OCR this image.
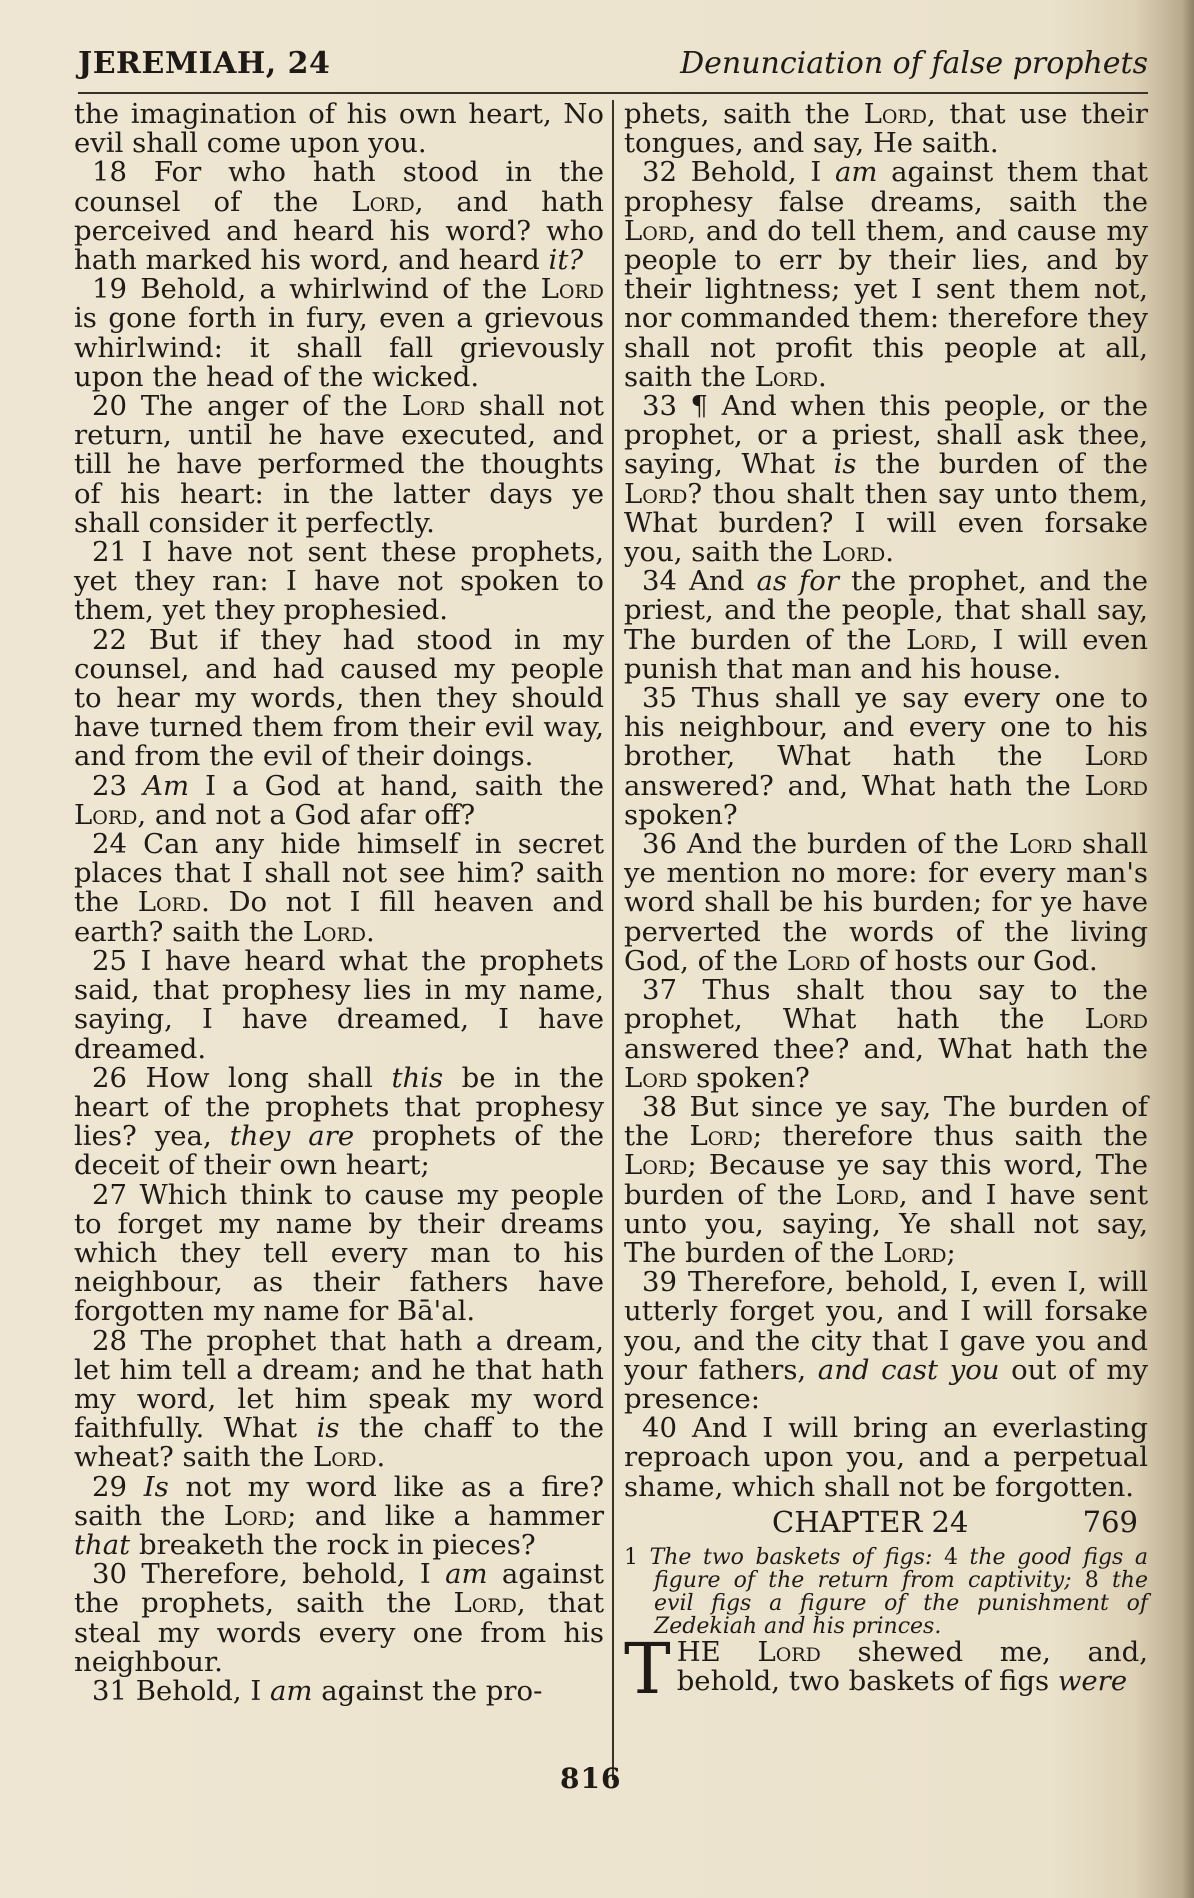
JEREMIAH, 24	Denunciation of false prophets

the imagination of his own heart, No evil shall come upon you.

18 For who hath stood in the counsel of the Lord, and hath perceived and heard his word? who hath marked his word, and heard it?

19 Behold, a whirlwind of the Lord is gone forth in fury, even a grievous whirlwind: it shall fall grievously upon the head of the wicked.

20 The anger of the Lord shall not return, until he have executed, and till he have performed the thoughts of his heart: in the latter days ye shall consider it perfectly.

21 I have not sent these prophets, yet they ran: I have not spoken to them, yet they prophesied.

22 But if they had stood in my counsel, and had caused my people to hear my words, then they should have turned them from their evil way, and from the evil of their doings.

23 Am I a God at hand, saith the Lord, and not a God afar off?

24 Can any hide himself in secret places that I shall not see him? saith the Lord. Do not I fill heaven and earth? saith the Lord.

25 I have heard what the prophets said, that prophesy lies in my name, saying, I have dreamed, I have dreamed.

26 How long shall this be in the heart of the prophets that prophesy lies? yea, they are prophets of the deceit of their own heart;

27 Which think to cause my people to forget my name by their dreams which they tell every man to his neighbour, as their fathers have forgotten my name for Bā'al.

28 The prophet that hath a dream, let him tell a dream; and he that hath my word, let him speak my word faithfully. What is the chaff to the wheat? saith the Lord.

29 Is not my word like as a fire? saith the Lord; and like a hammer that breaketh the rock in pieces?

30 Therefore, behold, I am against the prophets, saith the Lord, that steal my words every one from his neighbour.

31 Behold, I am against the pro-

phets, saith the Lord, that use their tongues, and say, He saith.

32 Behold, I am against them that prophesy false dreams, saith the Lord, and do tell them, and cause my people to err by their lies, and by their lightness; yet I sent them not, nor commanded them: therefore they shall not profit this people at all, saith the Lord.

33 ¶ And when this people, or the prophet, or a priest, shall ask thee, saying, What is the burden of the Lord? thou shalt then say unto them, What burden? I will even forsake you, saith the Lord.

34 And as for the prophet, and the priest, and the people, that shall say, The burden of the Lord, I will even punish that man and his house.

35 Thus shall ye say every one to his neighbour, and every one to his brother, What hath the Lord answered? and, What hath the Lord spoken?

36 And the burden of the Lord shall ye mention no more: for every man's word shall be his burden; for ye have perverted the words of the living God, of the Lord of hosts our God.

37 Thus shalt thou say to the prophet, What hath the Lord answered thee? and, What hath the Lord spoken?

38 But since ye say, The burden of the Lord; therefore thus saith the Lord; Because ye say this word, The burden of the Lord, and I have sent unto you, saying, Ye shall not say, The burden of the Lord;

39 Therefore, behold, I, even I, will utterly forget you, and I will forsake you, and the city that I gave you and your fathers, and cast you out of my presence:

40 And I will bring an everlasting reproach upon you, and a perpetual shame, which shall not be forgotten.

CHAPTER 24	769

1 The two baskets of figs: 4 the good figs a figure of the return from captivity; 8 the evil figs a figure of the punishment of Zedekiah and his princes.

THE Lord shewed me, and, behold, two baskets of figs were

816
